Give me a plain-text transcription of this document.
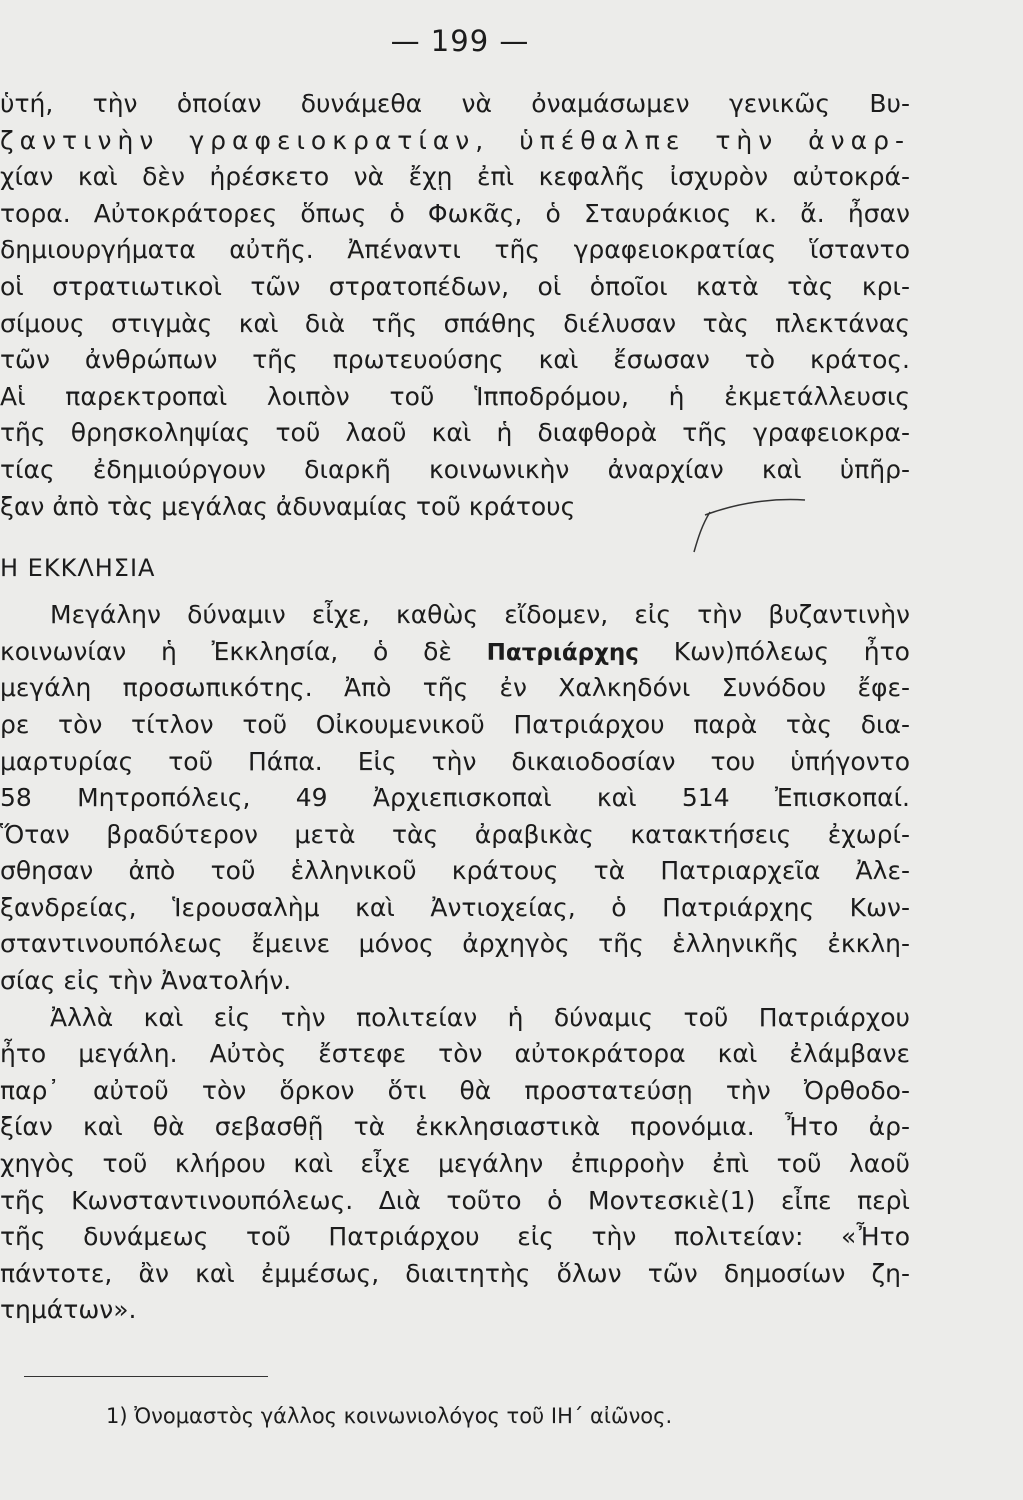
— 199 —
ὑτή, τὴν ὁποίαν δυνάμεθα νὰ ὀναμάσωμεν γενικῶς Βυ-
ζαντινὴν γραφειοκρατίαν, ὑπέθαλπε τὴν ἀναρ-
χίαν καὶ δὲν ἠρέσκετο νὰ ἔχῃ ἐπὶ κεφαλῆς ἰσχυρὸν αὐτοκρά-
τορα. Αὐτοκράτορες ὅπως ὁ Φωκᾶς, ὁ Σταυράκιος κ. ἄ. ἦσαν
δημιουργήματα αὐτῆς. Ἀπέναντι τῆς γραφειοκρατίας ἵσταντο
οἱ στρατιωτικοὶ τῶν στρατοπέδων, οἱ ὁποῖοι κατὰ τὰς κρι-
σίμους στιγμὰς καὶ διὰ τῆς σπάθης διέλυσαν τὰς πλεκτάνας
τῶν ἀνθρώπων τῆς πρωτευούσης καὶ ἔσωσαν τὸ κράτος.
Αἱ παρεκτροπαὶ λοιπὸν τοῦ Ἱπποδρόμου, ἡ ἐκμετάλλευσις
τῆς θρησκοληψίας τοῦ λαοῦ καὶ ἡ διαφθορὰ τῆς γραφειοκρα-
τίας ἐδημιούργουν διαρκῆ κοινωνικὴν ἀναρχίαν καὶ ὑπῆρ-
ξαν ἀπὸ τὰς μεγάλας ἀδυναμίας τοῦ κράτους
Η ΕΚΚΛΗΣΙΑ
Μεγάλην δύναμιν εἶχε, καθὼς εἴδομεν, εἰς τὴν βυζαντινὴν
κοινωνίαν ἡ Ἐκκλησία, ὁ δὲ Πατριάρχης Κων)πόλεως ἦτο
μεγάλη προσωπικότης. Ἀπὸ τῆς ἐν Χαλκηδόνι Συνόδου ἔφε-
ρε τὸν τίτλον τοῦ Οἰκουμενικοῦ Πατριάρχου παρὰ τὰς δια-
μαρτυρίας τοῦ Πάπα. Εἰς τὴν δικαιοδοσίαν του ὑπήγοντο
58 Μητροπόλεις, 49 Ἀρχιεπισκοπαὶ καὶ 514 Ἐπισκοπαί.
Ὅταν βραδύτερον μετὰ τὰς ἀραβικὰς κατακτήσεις ἐχωρί-
σθησαν ἀπὸ τοῦ ἑλληνικοῦ κράτους τὰ Πατριαρχεῖα Ἀλε-
ξανδρείας, Ἱερουσαλὴμ καὶ Ἀντιοχείας, ὁ Πατριάρχης Κων-
σταντινουπόλεως ἔμεινε μόνος ἀρχηγὸς τῆς ἑλληνικῆς ἐκκλη-
σίας εἰς τὴν Ἀνατολήν.
Ἀλλὰ καὶ εἰς τὴν πολιτείαν ἡ δύναμις τοῦ Πατριάρχου
ἦτο μεγάλη. Αὐτὸς ἔστεφε τὸν αὐτοκράτορα καὶ ἐλάμβανε
παρ᾽ αὐτοῦ τὸν ὅρκον ὅτι θὰ προστατεύσῃ τὴν Ὀρθοδο-
ξίαν καὶ θὰ σεβασθῇ τὰ ἐκκλησιαστικὰ προνόμια. Ἦτο ἀρ-
χηγὸς τοῦ κλήρου καὶ εἶχε μεγάλην ἐπιρροὴν ἐπὶ τοῦ λαοῦ
τῆς Κωνσταντινουπόλεως. Διὰ τοῦτο ὁ Μοντεσκιὲ(1) εἶπε περὶ
τῆς δυνάμεως τοῦ Πατριάρχου εἰς τὴν πολιτείαν: «Ἦτο
πάντοτε, ἂν καὶ ἐμμέσως, διαιτητὴς ὅλων τῶν δημοσίων ζη-
τημάτων».
1) Ὀνομαστὸς γάλλος κοινωνιολόγος τοῦ ΙΗ΄ αἰῶνος.
